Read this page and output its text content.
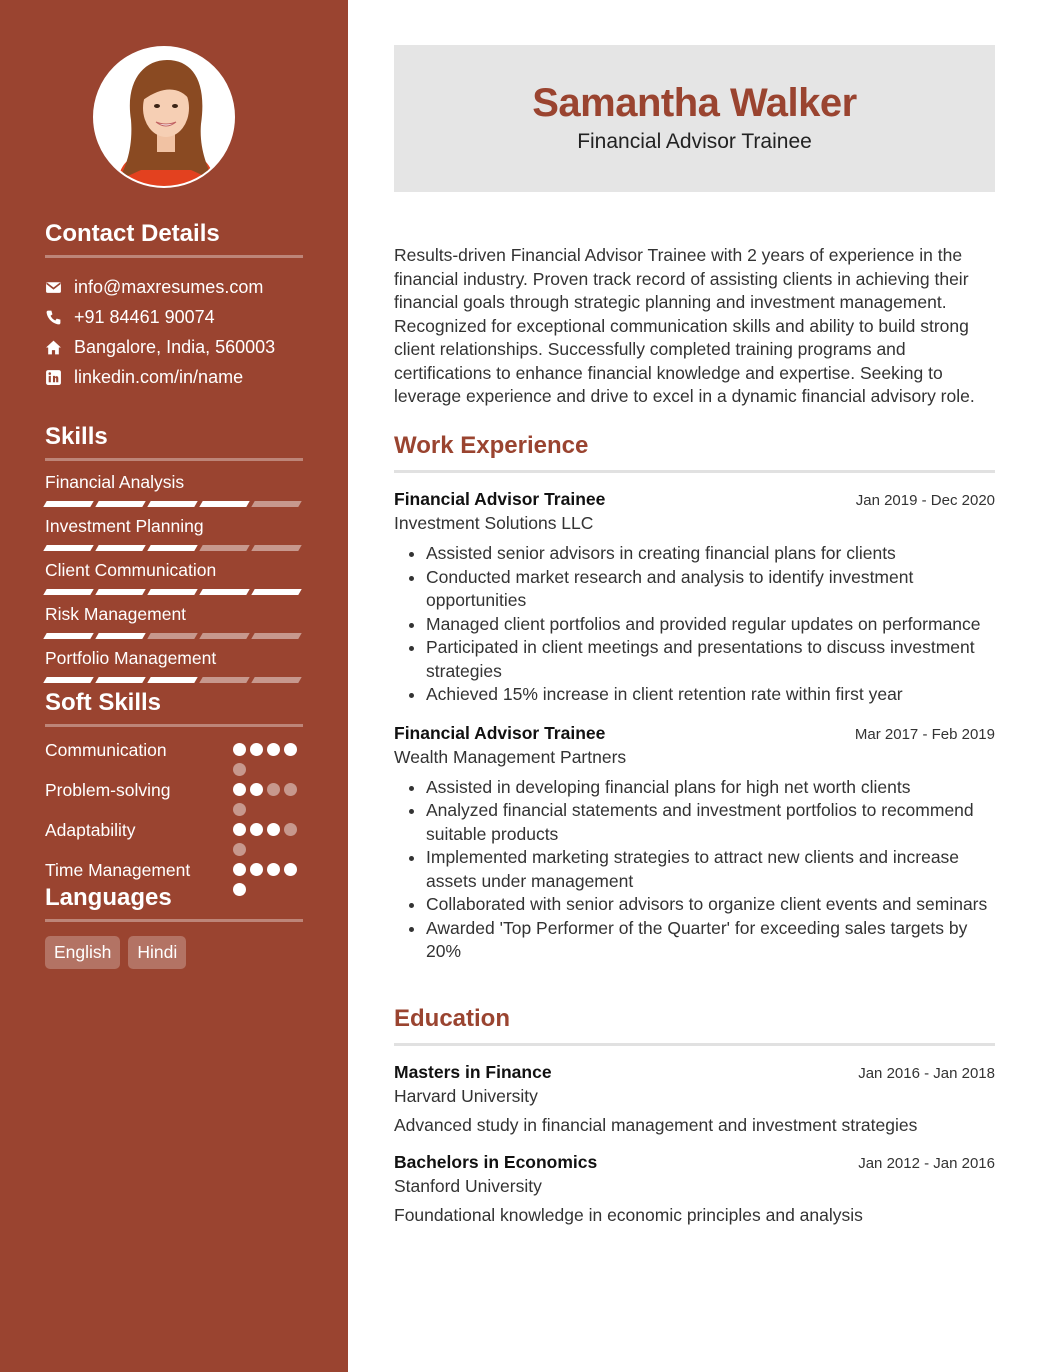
Contact Details
info@maxresumes.com
+91 84461 90074
Bangalore, India, 560003
linkedin.com/in/name
Skills
Financial Analysis
Investment Planning
Client Communication
Risk Management
Portfolio Management
Soft Skills
Communication
Problem-solving
Adaptability
Time Management
Languages
English	Hindi
Samantha Walker
Financial Advisor Trainee
Results-driven Financial Advisor Trainee with 2 years of experience in the financial industry. Proven track record of assisting clients in achieving their financial goals through strategic planning and investment management. Recognized for exceptional communication skills and ability to build strong client relationships. Successfully completed training programs and certifications to enhance financial knowledge and expertise. Seeking to leverage experience and drive to excel in a dynamic financial advisory role.
Work Experience
Financial Advisor Trainee	Jan 2019 - Dec 2020
Investment Solutions LLC
• Assisted senior advisors in creating financial plans for clients
• Conducted market research and analysis to identify investment opportunities
• Managed client portfolios and provided regular updates on performance
• Participated in client meetings and presentations to discuss investment strategies
• Achieved 15% increase in client retention rate within first year
Financial Advisor Trainee	Mar 2017 - Feb 2019
Wealth Management Partners
• Assisted in developing financial plans for high net worth clients
• Analyzed financial statements and investment portfolios to recommend suitable products
• Implemented marketing strategies to attract new clients and increase assets under management
• Collaborated with senior advisors to organize client events and seminars
• Awarded 'Top Performer of the Quarter' for exceeding sales targets by 20%
Education
Masters in Finance	Jan 2016 - Jan 2018
Harvard University
Advanced study in financial management and investment strategies
Bachelors in Economics	Jan 2012 - Jan 2016
Stanford University
Foundational knowledge in economic principles and analysis
